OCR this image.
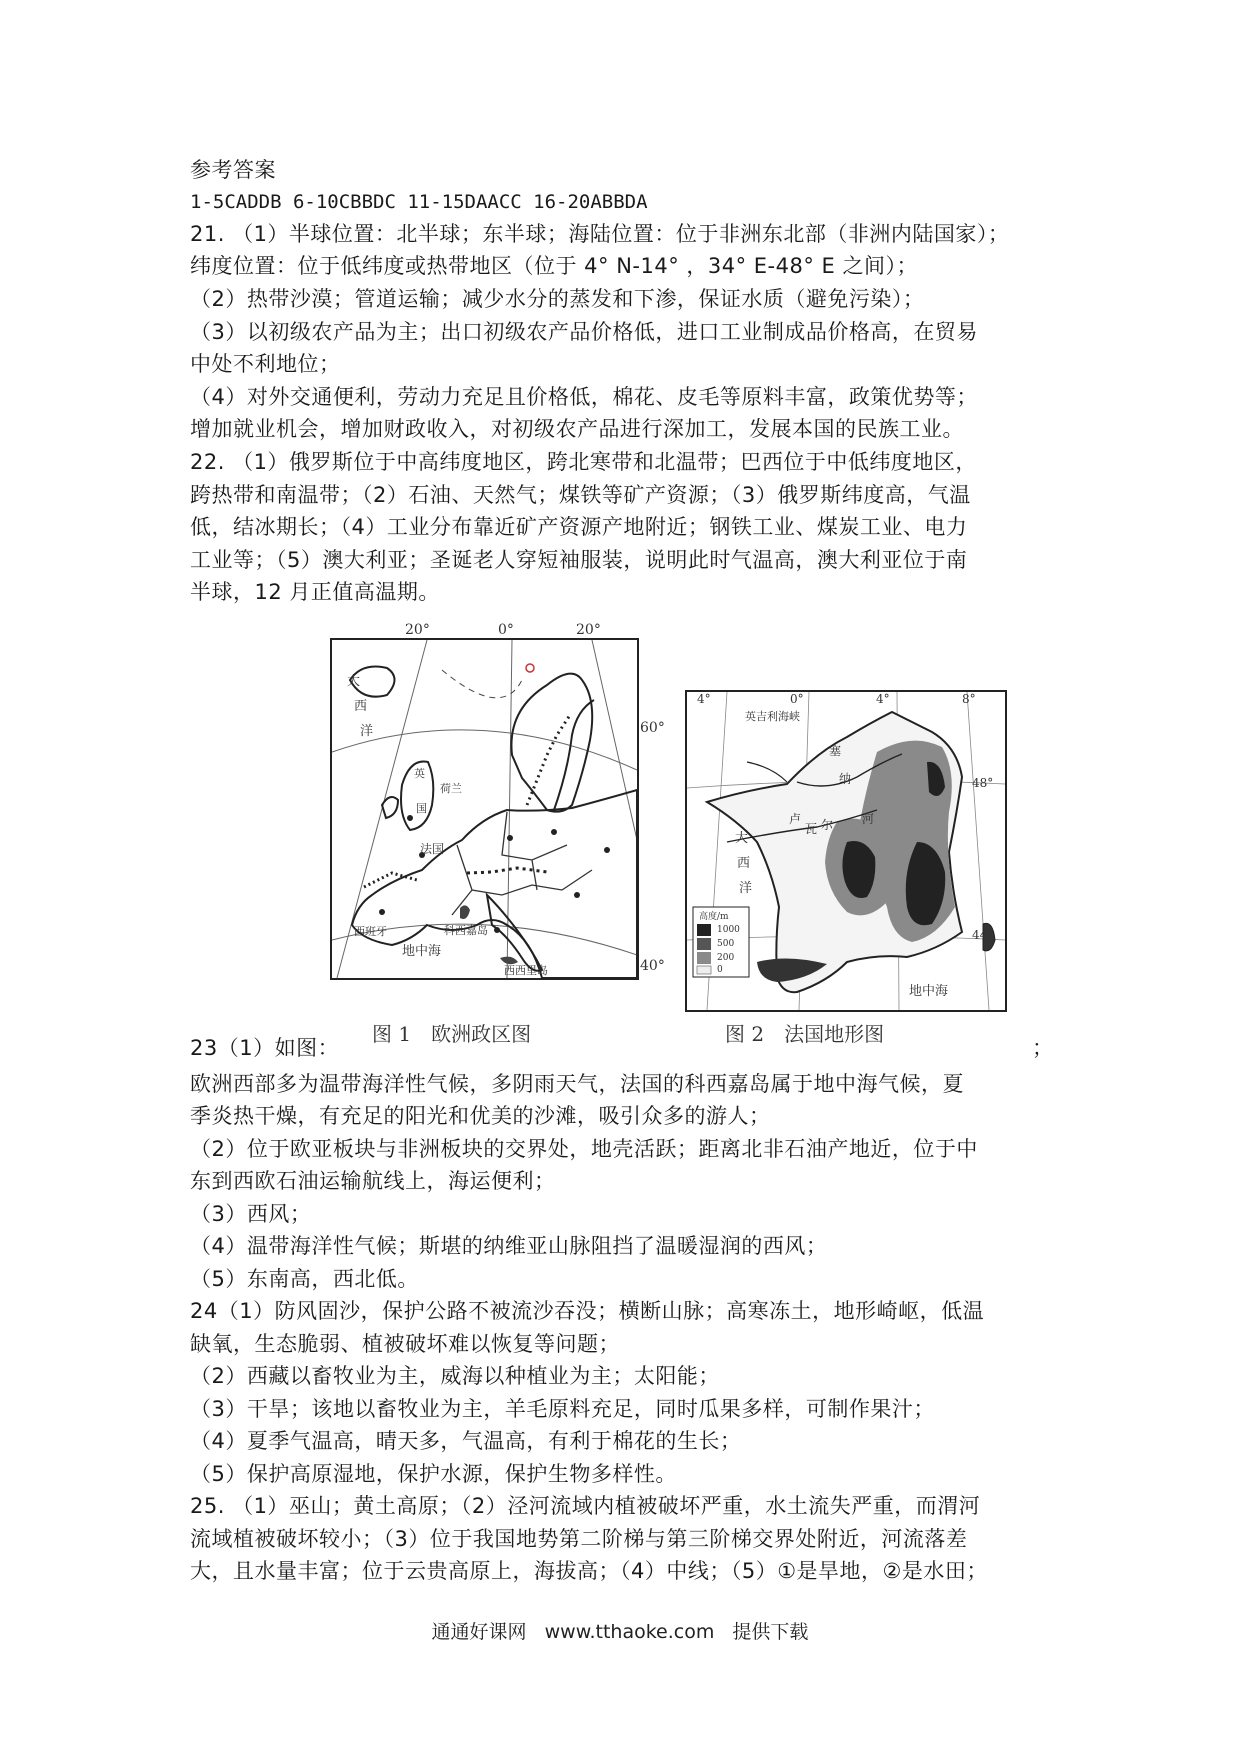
参考答案
1-5CADDB 6-10CBBDC 11-15DAACC 16-20ABBDA
21. （1）半球位置：北半球；东半球；海陆位置：位于非洲东北部（非洲内陆国家）；
纬度位置：位于低纬度或热带地区（位于 4° N-14° ，34° E-48° E 之间）；
（2）热带沙漠；管道运输；减少水分的蒸发和下渗，保证水质（避免污染）；
（3）以初级农产品为主；出口初级农产品价格低，进口工业制成品价格高，在贸易
中处不利地位；
（4）对外交通便利，劳动力充足且价格低，棉花、皮毛等原料丰富，政策优势等；
增加就业机会，增加财政收入，对初级农产品进行深加工，发展本国的民族工业。
22. （1）俄罗斯位于中高纬度地区，跨北寒带和北温带；巴西位于中低纬度地区，
跨热带和南温带；（2）石油、天然气；煤铁等矿产资源；（3）俄罗斯纬度高，气温
低，结冰期长；（4）工业分布靠近矿产资源产地附近；钢铁工业、煤炭工业、电力
工业等；（5）澳大利亚；圣诞老人穿短袖服装，说明此时气温高，澳大利亚位于南
半球，12 月正值高温期。
20°	0°	20°
大
西
洋
英
国
荷兰
法国
西班牙	科西嘉岛
地中海
西西里岛
60°
40°
图 1　欧洲政区图
英吉利海峡
塞
纳
河
卢
瓦 尔
大
西
洋
地中海
高度/m
1000
500
200
0
4°	0°	4°	8°
48°
44°
图 2　法国地形图
23（1）如图：	；
欧洲西部多为温带海洋性气候，多阴雨天气，法国的科西嘉岛属于地中海气候，夏
季炎热干燥，有充足的阳光和优美的沙滩，吸引众多的游人；
（2）位于欧亚板块与非洲板块的交界处，地壳活跃；距离北非石油产地近，位于中
东到西欧石油运输航线上，海运便利；
（3）西风；
（4）温带海洋性气候；斯堪的纳维亚山脉阻挡了温暖湿润的西风；
（5）东南高，西北低。
24（1）防风固沙，保护公路不被流沙吞没；横断山脉；高寒冻土，地形崎岖，低温
缺氧，生态脆弱、植被破坏难以恢复等问题；
（2）西藏以畜牧业为主，威海以种植业为主；太阳能；
（3）干旱；该地以畜牧业为主，羊毛原料充足，同时瓜果多样，可制作果汁；
（4）夏季气温高，晴天多，气温高，有利于棉花的生长；
（5）保护高原湿地，保护水源，保护生物多样性。
25. （1）巫山；黄土高原；（2）泾河流域内植被破坏严重，水土流失严重，而渭河
流域植被破坏较小；（3）位于我国地势第二阶梯与第三阶梯交界处附近，河流落差
大，且水量丰富；位于云贵高原上，海拔高；（4）中线；（5）①是旱地，②是水田；
通通好课网 www.tthaoke.com 提供下载
